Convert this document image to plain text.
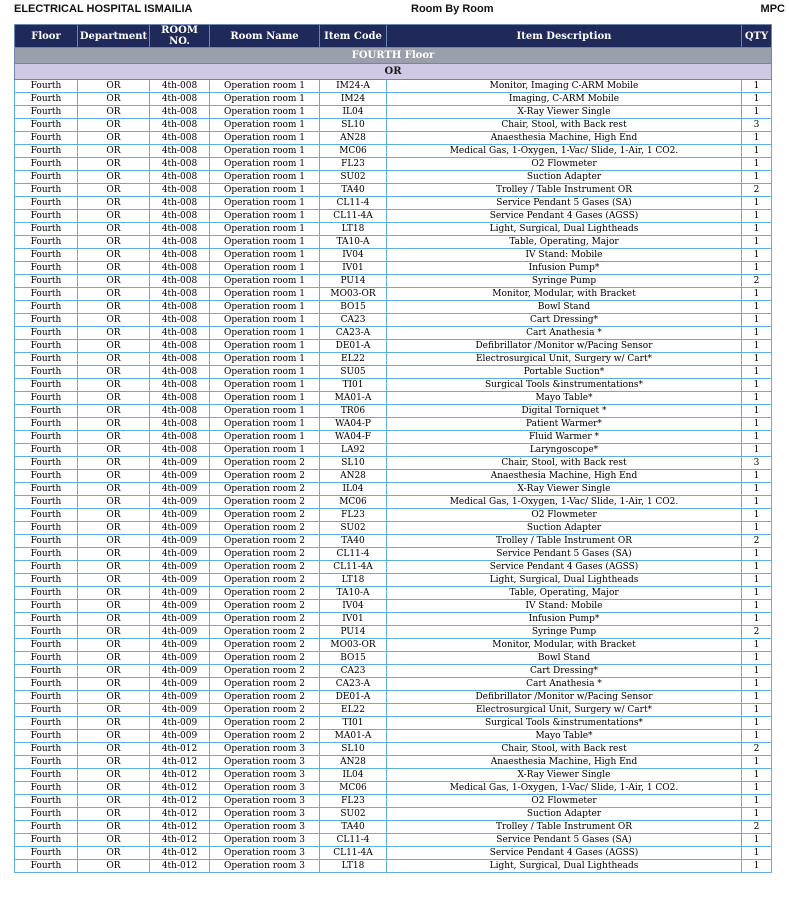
ELECTRICAL HOSPITAL ISMAILIA	Room By Room	MPC
Floor	Department	ROOM NO.	Room Name	Item Code	Item Description	QTY
FOURTH Floor						
OR						
Fourth	OR	4th-008	Operation room 1	IM24-A	Monitor, Imaging C-ARM Mobile	1
Fourth	OR	4th-008	Operation room 1	IM24	Imaging, C-ARM Mobile	1
Fourth	OR	4th-008	Operation room 1	IL04	X-Ray Viewer Single	1
Fourth	OR	4th-008	Operation room 1	SL10	Chair, Stool, with Back rest	3
Fourth	OR	4th-008	Operation room 1	AN28	Anaesthesia Machine, High End	1
Fourth	OR	4th-008	Operation room 1	MC06	Medical Gas, 1-Oxygen, 1-Vac/ Slide, 1-Air, 1 CO2.	1
Fourth	OR	4th-008	Operation room 1	FL23	O2 Flowmeter	1
Fourth	OR	4th-008	Operation room 1	SU02	Suction Adapter	1
Fourth	OR	4th-008	Operation room 1	TA40	Trolley / Table Instrument OR	2
Fourth	OR	4th-008	Operation room 1	CL11-4	Service Pendant 5 Gases (SA)	1
Fourth	OR	4th-008	Operation room 1	CL11-4A	Service Pendant 4 Gases (AGSS)	1
Fourth	OR	4th-008	Operation room 1	LT18	Light, Surgical, Dual Lightheads	1
Fourth	OR	4th-008	Operation room 1	TA10-A	Table, Operating, Major	1
Fourth	OR	4th-008	Operation room 1	IV04	IV Stand: Mobile	1
Fourth	OR	4th-008	Operation room 1	IV01	Infusion Pump*	1
Fourth	OR	4th-008	Operation room 1	PU14	Syringe Pump	2
Fourth	OR	4th-008	Operation room 1	MO03-OR	Monitor, Modular, with Bracket	1
Fourth	OR	4th-008	Operation room 1	BO15	Bowl Stand	1
Fourth	OR	4th-008	Operation room 1	CA23	Cart Dressing*	1
Fourth	OR	4th-008	Operation room 1	CA23-A	Cart Anathesia *	1
Fourth	OR	4th-008	Operation room 1	DE01-A	Defibrillator /Monitor w/Pacing Sensor	1
Fourth	OR	4th-008	Operation room 1	EL22	Electrosurgical Unit, Surgery w/ Cart*	1
Fourth	OR	4th-008	Operation room 1	SU05	Portable Suction*	1
Fourth	OR	4th-008	Operation room 1	TI01	Surgical Tools &instrumentations*	1
Fourth	OR	4th-008	Operation room 1	MA01-A	Mayo Table*	1
Fourth	OR	4th-008	Operation room 1	TR06	Digital Torniquet *	1
Fourth	OR	4th-008	Operation room 1	WA04-P	Patient Warmer*	1
Fourth	OR	4th-008	Operation room 1	WA04-F	Fluid Warmer *	1
Fourth	OR	4th-008	Operation room 1	LA92	Laryngoscope*	1
Fourth	OR	4th-009	Operation room 2	SL10	Chair, Stool, with Back rest	3
Fourth	OR	4th-009	Operation room 2	AN28	Anaesthesia Machine, High End	1
Fourth	OR	4th-009	Operation room 2	IL04	X-Ray Viewer Single	1
Fourth	OR	4th-009	Operation room 2	MC06	Medical Gas, 1-Oxygen, 1-Vac/ Slide, 1-Air, 1 CO2.	1
Fourth	OR	4th-009	Operation room 2	FL23	O2 Flowmeter	1
Fourth	OR	4th-009	Operation room 2	SU02	Suction Adapter	1
Fourth	OR	4th-009	Operation room 2	TA40	Trolley / Table Instrument OR	2
Fourth	OR	4th-009	Operation room 2	CL11-4	Service Pendant 5 Gases (SA)	1
Fourth	OR	4th-009	Operation room 2	CL11-4A	Service Pendant 4 Gases (AGSS)	1
Fourth	OR	4th-009	Operation room 2	LT18	Light, Surgical, Dual Lightheads	1
Fourth	OR	4th-009	Operation room 2	TA10-A	Table, Operating, Major	1
Fourth	OR	4th-009	Operation room 2	IV04	IV Stand: Mobile	1
Fourth	OR	4th-009	Operation room 2	IV01	Infusion Pump*	1
Fourth	OR	4th-009	Operation room 2	PU14	Syringe Pump	2
Fourth	OR	4th-009	Operation room 2	MO03-OR	Monitor, Modular, with Bracket	1
Fourth	OR	4th-009	Operation room 2	BO15	Bowl Stand	1
Fourth	OR	4th-009	Operation room 2	CA23	Cart Dressing*	1
Fourth	OR	4th-009	Operation room 2	CA23-A	Cart Anathesia *	1
Fourth	OR	4th-009	Operation room 2	DE01-A	Defibrillator /Monitor w/Pacing Sensor	1
Fourth	OR	4th-009	Operation room 2	EL22	Electrosurgical Unit, Surgery w/ Cart*	1
Fourth	OR	4th-009	Operation room 2	TI01	Surgical Tools &instrumentations*	1
Fourth	OR	4th-009	Operation room 2	MA01-A	Mayo Table*	1
Fourth	OR	4th-012	Operation room 3	SL10	Chair, Stool, with Back rest	2
Fourth	OR	4th-012	Operation room 3	AN28	Anaesthesia Machine, High End	1
Fourth	OR	4th-012	Operation room 3	IL04	X-Ray Viewer Single	1
Fourth	OR	4th-012	Operation room 3	MC06	Medical Gas, 1-Oxygen, 1-Vac/ Slide, 1-Air, 1 CO2.	1
Fourth	OR	4th-012	Operation room 3	FL23	O2 Flowmeter	1
Fourth	OR	4th-012	Operation room 3	SU02	Suction Adapter	1
Fourth	OR	4th-012	Operation room 3	TA40	Trolley / Table Instrument OR	2
Fourth	OR	4th-012	Operation room 3	CL11-4	Service Pendant 5 Gases (SA)	1
Fourth	OR	4th-012	Operation room 3	CL11-4A	Service Pendant 4 Gases (AGSS)	1
Fourth	OR	4th-012	Operation room 3	LT18	Light, Surgical, Dual Lightheads	1
